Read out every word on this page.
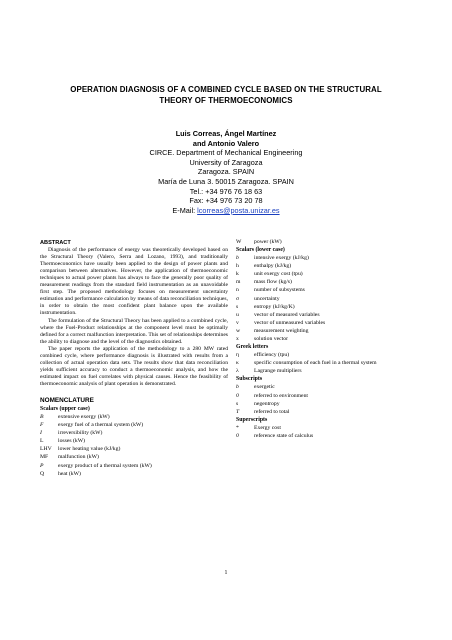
OPERATION DIAGNOSIS OF A COMBINED CYCLE BASED ON THE STRUCTURAL THEORY OF THERMOECONOMICS
Luis Correas, Ángel Martínez
and Antonio Valero
CIRCE. Department of Mechanical Engineering
University of Zaragoza
Zaragoza. SPAIN
María de Luna 3. 50015 Zaragoza. SPAIN
Tel.: +34 976 76 18 63
Fax: +34 976 73 20 78
E-Mail: lcorreas@posta.unizar.es

ABSTRACT

Diagnosis of the performance of energy was theoretically developed based on the Structural Theory (Valero, Serra and Lozano, 1993), and traditionally Thermoeconomics have usually been applied to the design of power plants and comparison between alternatives. However, the application of thermoeconomic techniques to actual power plants has always to face the generally poor quality of measurement readings from the standard field instrumentation as an unavoidable first step. The proposed methodology focuses on measurement uncertainty estimation and performance calculation by means of data reconciliation techniques, in order to obtain the most confident plant balance upon the available instrumentation.

The formulation of the Structural Theory has been applied to a combined cycle, where the Fuel-Product relationships at the component level must be optimally defined for a correct malfunction interpretation. This set of relationships determines the ability to diagnose and the level of the diagnostics obtained.

The paper reports the application of the methodology to a 280 MW rated combined cycle, where performance diagnosis is illustrated with results from a collection of actual operation data sets. The results show that data reconciliation yields sufficient accuracy to conduct a thermoeconomic analysis, and how the estimated impact on fuel correlates with physical causes. Hence the feasibility of thermoeconomic analysis of plant operation is demonstrated.

NOMENCLATURE

Scalars (upper case)

B	extensive exergy (kW)
F	exergy fuel of a thermal system (kW)
I	irreversibility (kW)
L	losses (kW)
LHV	lower heating value (kJ/kg)
MF	malfunction (kW)
P	exergy product of a thermal system (kW)
Q	heat (kW)
W	power (kW)

Scalars (lower case)

b	intensive exergy (kJ/kg)
h	enthalpy (kJ/kg)
k	unit exergy cost (tpu)
m	mass flow (kg/s)
n	number of subsystems
σ	uncertainty
s	entropy (kJ/kg/K)
u	vector of measured variables
v	vector of unmeasured variables
w	measurement weighting
x	solution vector

Greek letters

η	efficiency (tpu)
κ	specific consumption of each fuel in a thermal system
λ	Lagrange multipliers

Subscripts

b	exergetic
0	referred to environment
s	negentropy
T	referred to total

Superscripts

*	Exergy cost
0	reference state of calculus
1
